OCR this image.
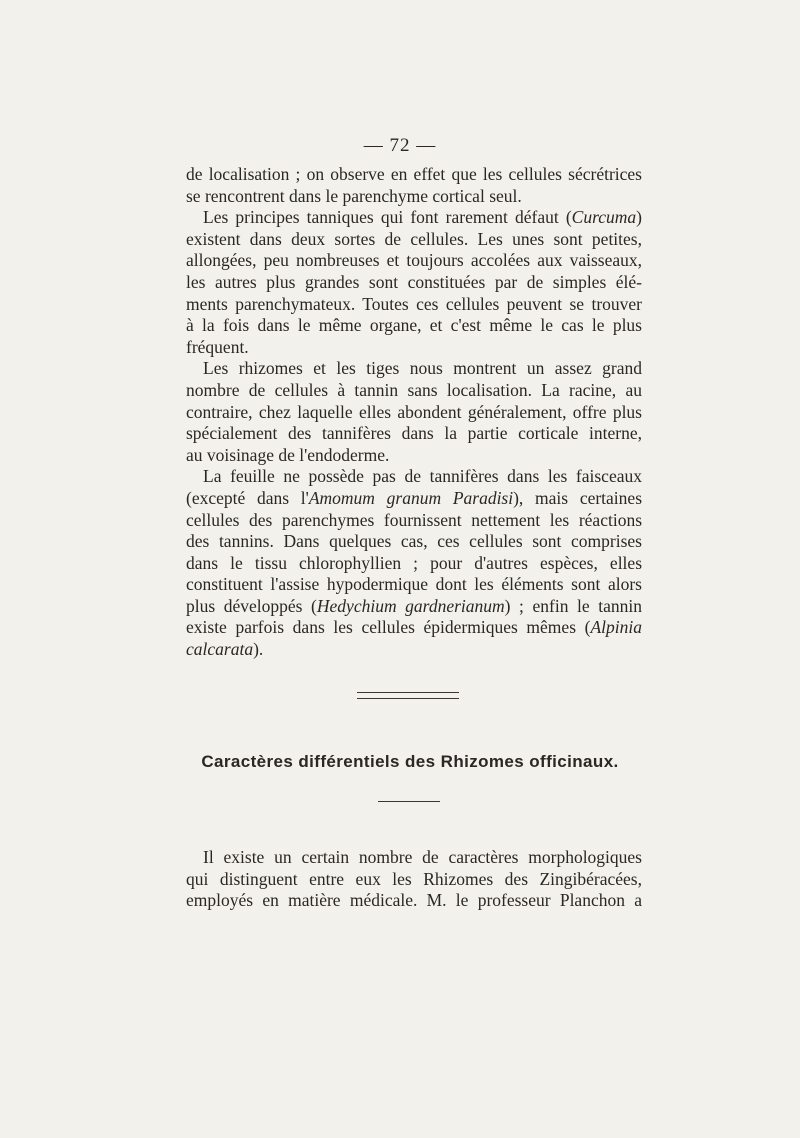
— 72 —
de localisation ; on observe en effet que les cellules sécrétrices
se rencontrent dans le parenchyme cortical seul.
Les principes tanniques qui font rarement défaut (Curcuma)
existent dans deux sortes de cellules. Les unes sont petites,
allongées, peu nombreuses et toujours accolées aux vaisseaux,
les autres plus grandes sont constituées par de simples élé-
ments parenchymateux. Toutes ces cellules peuvent se trouver
à la fois dans le même organe, et c'est même le cas le plus
fréquent.
Les rhizomes et les tiges nous montrent un assez grand
nombre de cellules à tannin sans localisation. La racine, au
contraire, chez laquelle elles abondent généralement, offre plus
spécialement des tannifères dans la partie corticale interne,
au voisinage de l'endoderme.
La feuille ne possède pas de tannifères dans les faisceaux
(excepté dans l'Amomum granum Paradisi), mais certaines
cellules des parenchymes fournissent nettement les réactions
des tannins. Dans quelques cas, ces cellules sont comprises
dans le tissu chlorophyllien ; pour d'autres espèces, elles
constituent l'assise hypodermique dont les éléments sont alors
plus développés (Hedychium gardnerianum) ; enfin le tannin
existe parfois dans les cellules épidermiques mêmes (Alpinia
calcarata).
Caractères différentiels des Rhizomes officinaux.
Il existe un certain nombre de caractères morphologiques
qui distinguent entre eux les Rhizomes des Zingibéracées,
employés en matière médicale. M. le professeur Planchon a
